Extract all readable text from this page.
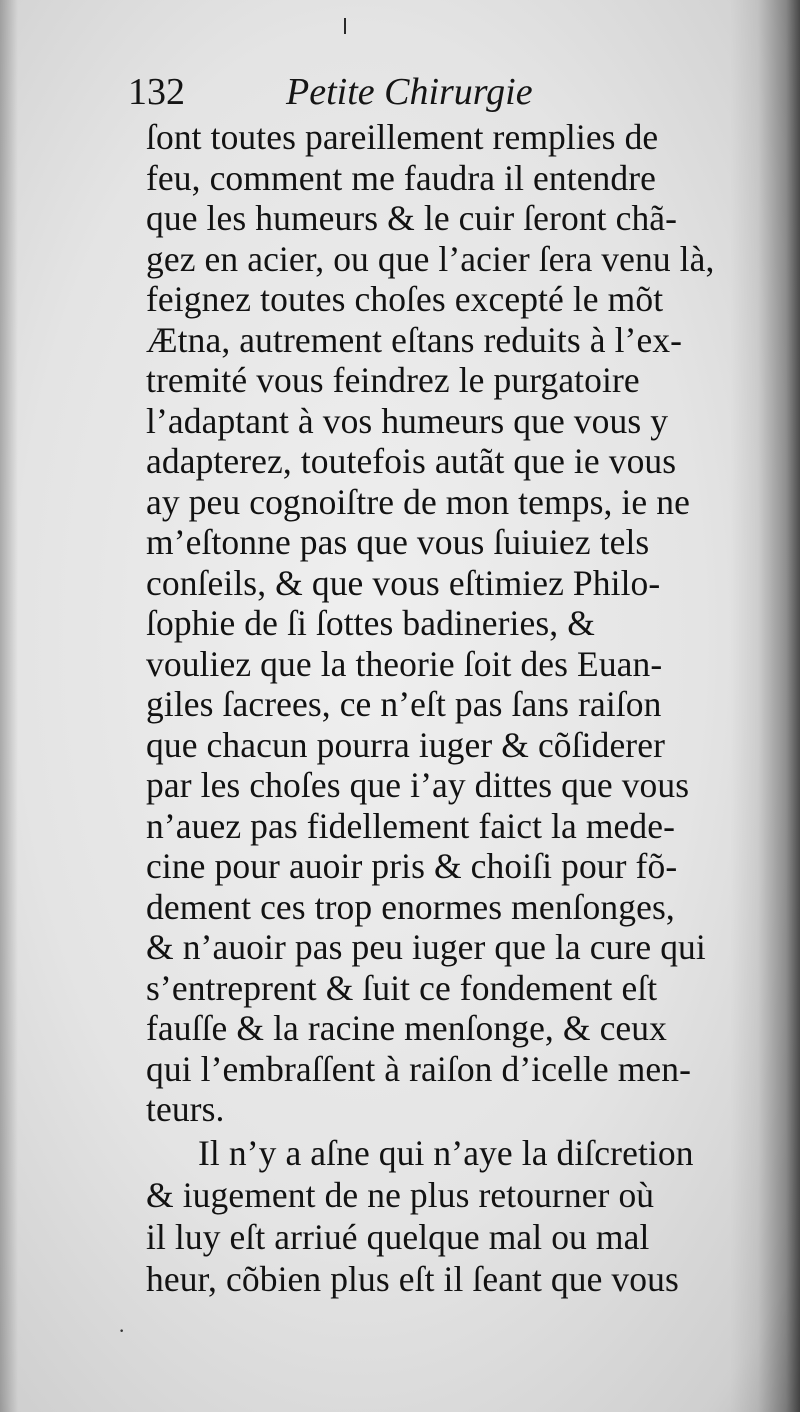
132	Petite Chirurgie
ſont toutes pareillement remplies de
feu, comment me faudra il entendre
que les humeurs & le cuir ſeront chã-
gez en acier, ou que l’acier ſera venu là,
feignez toutes choſes excepté le mõt
Ætna, autrement eſtans reduits à l’ex-
tremité vous feindrez le purgatoire
l’adaptant à vos humeurs que vous y
adapterez, toutefois autãt que ie vous
ay peu cognoiſtre de mon temps, ie ne
m’eſtonne pas que vous ſuiuiez tels
conſeils, & que vous eſtimiez Philo-
ſophie de ſi ſottes badineries, &
vouliez que la theorie ſoit des Euan-
giles ſacrees, ce n’eſt pas ſans raiſon
que chacun pourra iuger & cõſiderer
par les choſes que i’ay dittes que vous
n’auez pas fidellement faict la mede-
cine pour auoir pris & choiſi pour fõ-
dement ces trop enormes menſonges,
& n’auoir pas peu iuger que la cure qui
s’entreprent & ſuit ce fondement eſt
fauſſe & la racine menſonge, & ceux
qui l’embraſſent à raiſon d’icelle men-
teurs.
Il n’y a aſne qui n’aye la diſcretion
& iugement de ne plus retourner où
il luy eſt arriué quelque mal ou mal
heur, cõbien plus eſt il ſeant que vous
·
